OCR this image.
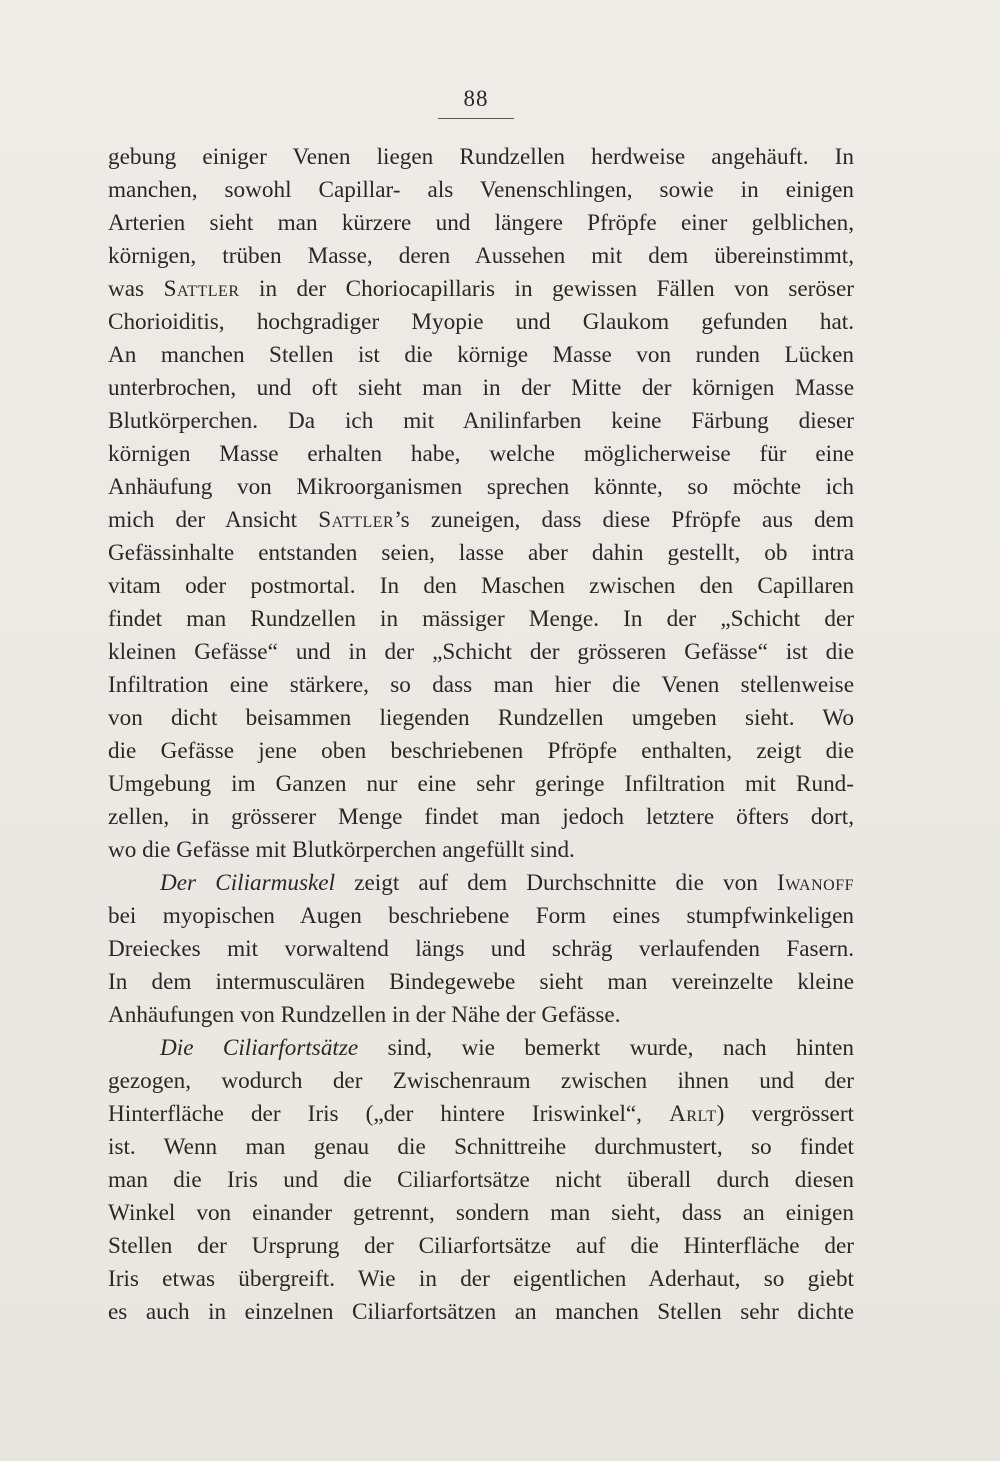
88
gebung einiger Venen liegen Rundzellen herdweise angehäuft. In
manchen, sowohl Capillar- als Venenschlingen, sowie in einigen
Arterien sieht man kürzere und längere Pfröpfe einer gelblichen,
körnigen, trüben Masse, deren Aussehen mit dem übereinstimmt,
was Sattler in der Choriocapillaris in gewissen Fällen von seröser
Chorioiditis, hochgradiger Myopie und Glaukom gefunden hat.
An manchen Stellen ist die körnige Masse von runden Lücken
unterbrochen, und oft sieht man in der Mitte der körnigen Masse
Blutkörperchen. Da ich mit Anilinfarben keine Färbung dieser
körnigen Masse erhalten habe, welche möglicherweise für eine
Anhäufung von Mikroorganismen sprechen könnte, so möchte ich
mich der Ansicht Sattler’s zuneigen, dass diese Pfröpfe aus dem
Gefässinhalte entstanden seien, lasse aber dahin gestellt, ob intra
vitam oder postmortal. In den Maschen zwischen den Capillaren
findet man Rundzellen in mässiger Menge. In der „Schicht der
kleinen Gefässe“ und in der „Schicht der grösseren Gefässe“ ist die
Infiltration eine stärkere, so dass man hier die Venen stellenweise
von dicht beisammen liegenden Rundzellen umgeben sieht. Wo
die Gefässe jene oben beschriebenen Pfröpfe enthalten, zeigt die
Umgebung im Ganzen nur eine sehr geringe Infiltration mit Rund-
zellen, in grösserer Menge findet man jedoch letztere öfters dort,
wo die Gefässe mit Blutkörperchen angefüllt sind.
Der Ciliarmuskel zeigt auf dem Durchschnitte die von Iwanoff
bei myopischen Augen beschriebene Form eines stumpfwinkeligen
Dreieckes mit vorwaltend längs und schräg verlaufenden Fasern.
In dem intermusculären Bindegewebe sieht man vereinzelte kleine
Anhäufungen von Rundzellen in der Nähe der Gefässe.
Die Ciliarfortsätze sind, wie bemerkt wurde, nach hinten
gezogen, wodurch der Zwischenraum zwischen ihnen und der
Hinterfläche der Iris („der hintere Iriswinkel“, Arlt) vergrössert
ist. Wenn man genau die Schnittreihe durchmustert, so findet
man die Iris und die Ciliarfortsätze nicht überall durch diesen
Winkel von einander getrennt, sondern man sieht, dass an einigen
Stellen der Ursprung der Ciliarfortsätze auf die Hinterfläche der
Iris etwas übergreift. Wie in der eigentlichen Aderhaut, so giebt
es auch in einzelnen Ciliarfortsätzen an manchen Stellen sehr dichte
